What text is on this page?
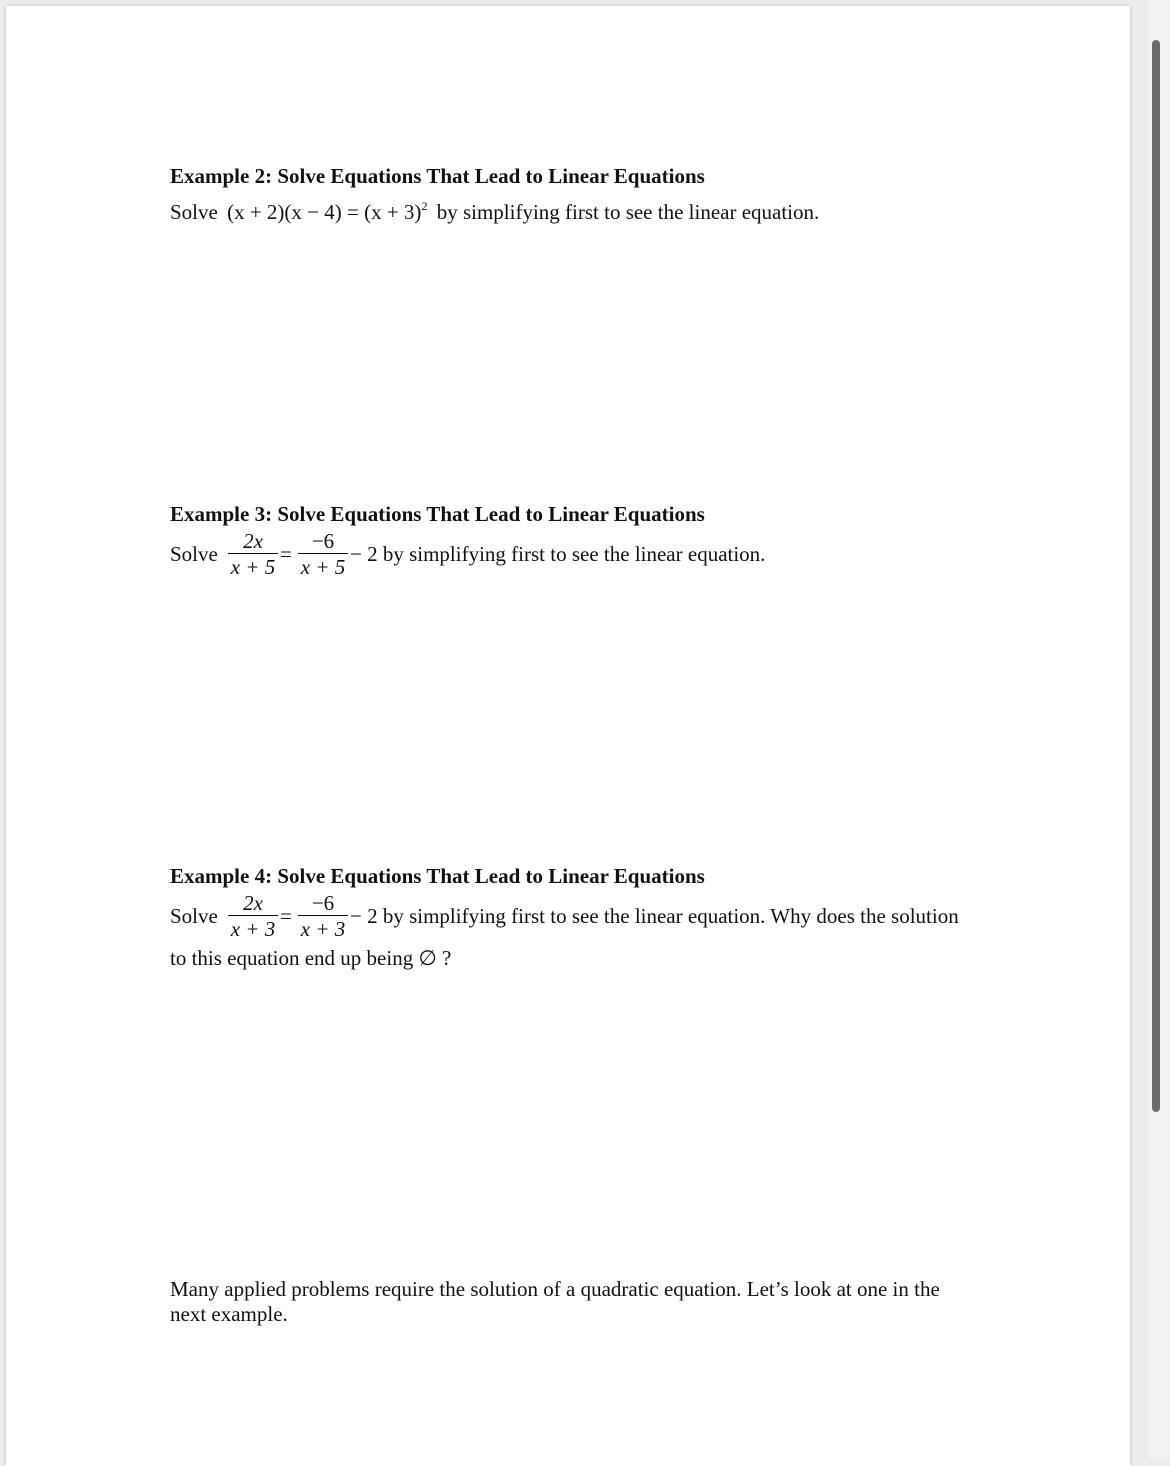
Example 2: Solve Equations That Lead to Linear Equations
Solve $(x + 2)(x - 4) = (x + 3)^2$ by simplifying first to see the linear equation.
Example 3: Solve Equations That Lead to Linear Equations
Solve
2x
x + 5
=
−6
x + 5
− 2 by simplifying first to see the linear equation.
Example 4: Solve Equations That Lead to Linear Equations
Solve
2x
x + 3
=
−6
x + 3
− 2 by simplifying first to see the linear equation. Why does the solution
to this equation end up being ∅ ?
Many applied problems require the solution of a quadratic equation. Let’s look at one in the
next example.
